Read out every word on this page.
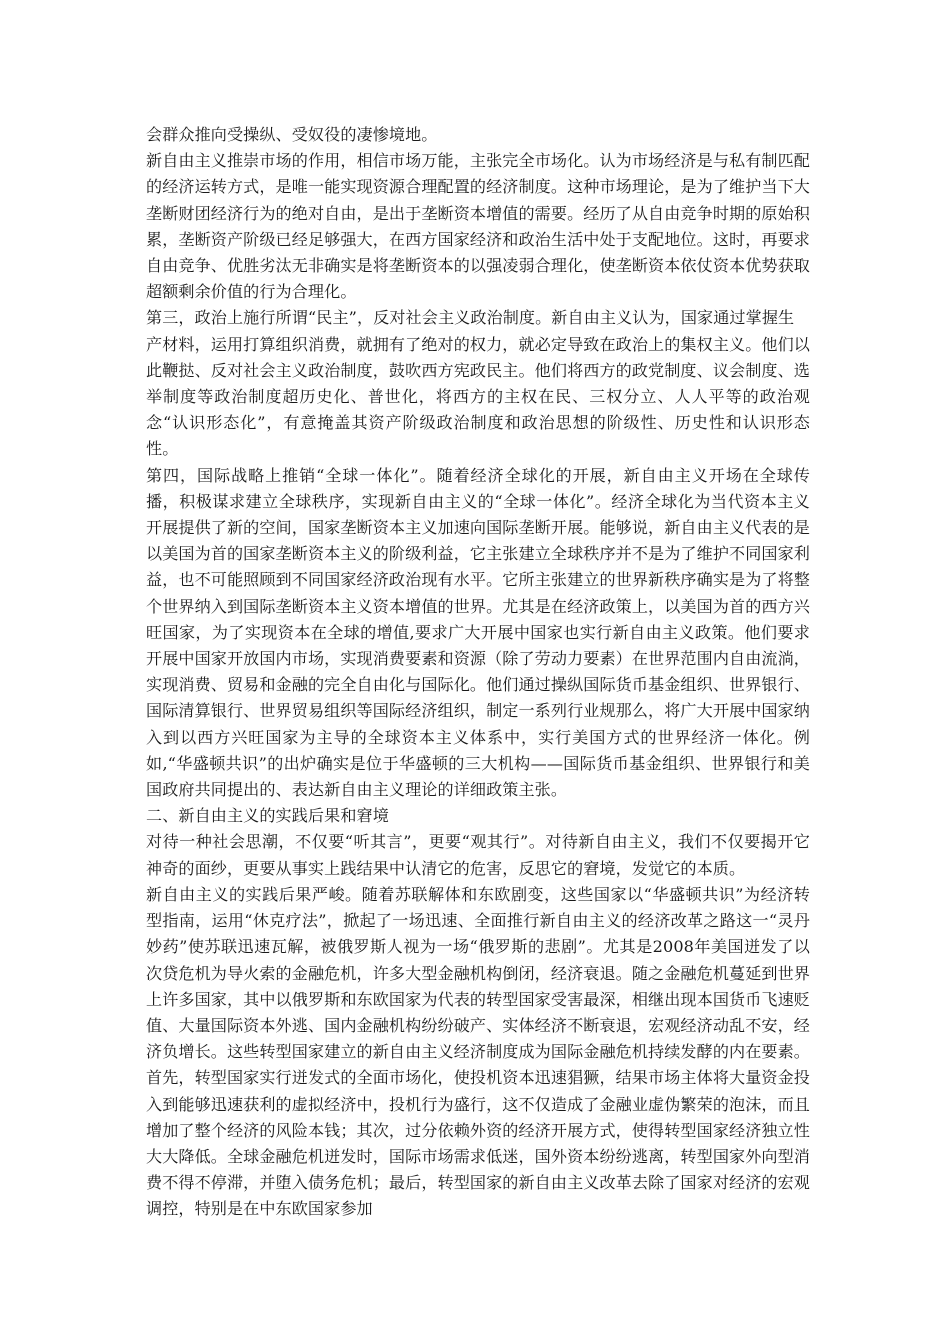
会群众推向受操纵、受奴役的凄惨境地。

新自由主义推崇市场的作用，相信市场万能，主张完全市场化。认为市场经济是与私有制匹配的经济运转方式，是唯一能实现资源合理配置的经济制度。这种市场理论，是为了维护当下大垄断财团经济行为的绝对自由，是出于垄断资本增值的需要。经历了从自由竞争时期的原始积累，垄断资产阶级已经足够强大，在西方国家经济和政治生活中处于支配地位。这时，再要求自由竞争、优胜劣汰无非确实是将垄断资本的以强凌弱合理化，使垄断资本依仗资本优势获取超额剩余价值的行为合理化。

第三，政治上施行所谓“民主”，反对社会主义政治制度。新自由主义认为，国家通过掌握生

产材料，运用打算组织消费，就拥有了绝对的权力，就必定导致在政治上的集权主义。他们以此鞭挞、反对社会主义政治制度，鼓吹西方宪政民主。他们将西方的政党制度、议会制度、选举制度等政治制度超历史化、普世化，将西方的主权在民、三权分立、人人平等的政治观念“认识形态化”，有意掩盖其资产阶级政治制度和政治思想的阶级性、历史性和认识形态性。

第四，国际战略上推销“全球一体化”。随着经济全球化的开展，新自由主义开场在全球传播，积极谋求建立全球秩序，实现新自由主义的“全球一体化”。经济全球化为当代资本主义开展提供了新的空间，国家垄断资本主义加速向国际垄断开展。能够说，新自由主义代表的是以美国为首的国家垄断资本主义的阶级利益，它主张建立全球秩序并不是为了维护不同国家利益，也不可能照顾到不同国家经济政治现有水平。它所主张建立的世界新秩序确实是为了将整个世界纳入到国际垄断资本主义资本增值的世界。尤其是在经济政策上，以美国为首的西方兴旺国家，为了实现资本在全球的增值,要求广大开展中国家也实行新自由主义政策。他们要求开展中国家开放国内市场，实现消费要素和资源（除了劳动力要素）在世界范围内自由流淌，实现消费、贸易和金融的完全自由化与国际化。他们通过操纵国际货币基金组织、世界银行、国际清算银行、世界贸易组织等国际经济组织，制定一系列行业规那么，将广大开展中国家纳入到以西方兴旺国家为主导的全球资本主义体系中，实行美国方式的世界经济一体化。例如,“华盛顿共识”的出炉确实是位于华盛顿的三大机构——国际货币基金组织、世界银行和美国政府共同提出的、表达新自由主义理论的详细政策主张。

二、新自由主义的实践后果和窘境

对待一种社会思潮，不仅要“听其言”，更要“观其行”。对待新自由主义，我们不仅要揭开它神奇的面纱，更要从事实上践结果中认清它的危害，反思它的窘境，发觉它的本质。

新自由主义的实践后果严峻。随着苏联解体和东欧剧变，这些国家以“华盛顿共识”为经济转型指南，运用“休克疗法”，掀起了一场迅速、全面推行新自由主义的经济改革之路这一“灵丹妙药”使苏联迅速瓦解，被俄罗斯人视为一场“俄罗斯的悲剧”。尤其是2008年美国迸发了以次贷危机为导火索的金融危机，许多大型金融机构倒闭，经济衰退。随之金融危机蔓延到世界上许多国家，其中以俄罗斯和东欧国家为代表的转型国家受害最深，相继出现本国货币飞速贬值、大量国际资本外逃、国内金融机构纷纷破产、实体经济不断衰退，宏观经济动乱不安，经济负增长。这些转型国家建立的新自由主义经济制度成为国际金融危机持续发酵的内在要素。首先，转型国家实行迸发式的全面市场化，使投机资本迅速猖獗，结果市场主体将大量资金投入到能够迅速获利的虚拟经济中，投机行为盛行，这不仅造成了金融业虚伪繁荣的泡沫，而且增加了整个经济的风险本钱；其次，过分依赖外资的经济开展方式，使得转型国家经济独立性大大降低。全球金融危机迸发时，国际市场需求低迷，国外资本纷纷逃离，转型国家外向型消费不得不停滞，并堕入债务危机；最后，转型国家的新自由主义改革去除了国家对经济的宏观调控，特别是在中东欧国家参加
